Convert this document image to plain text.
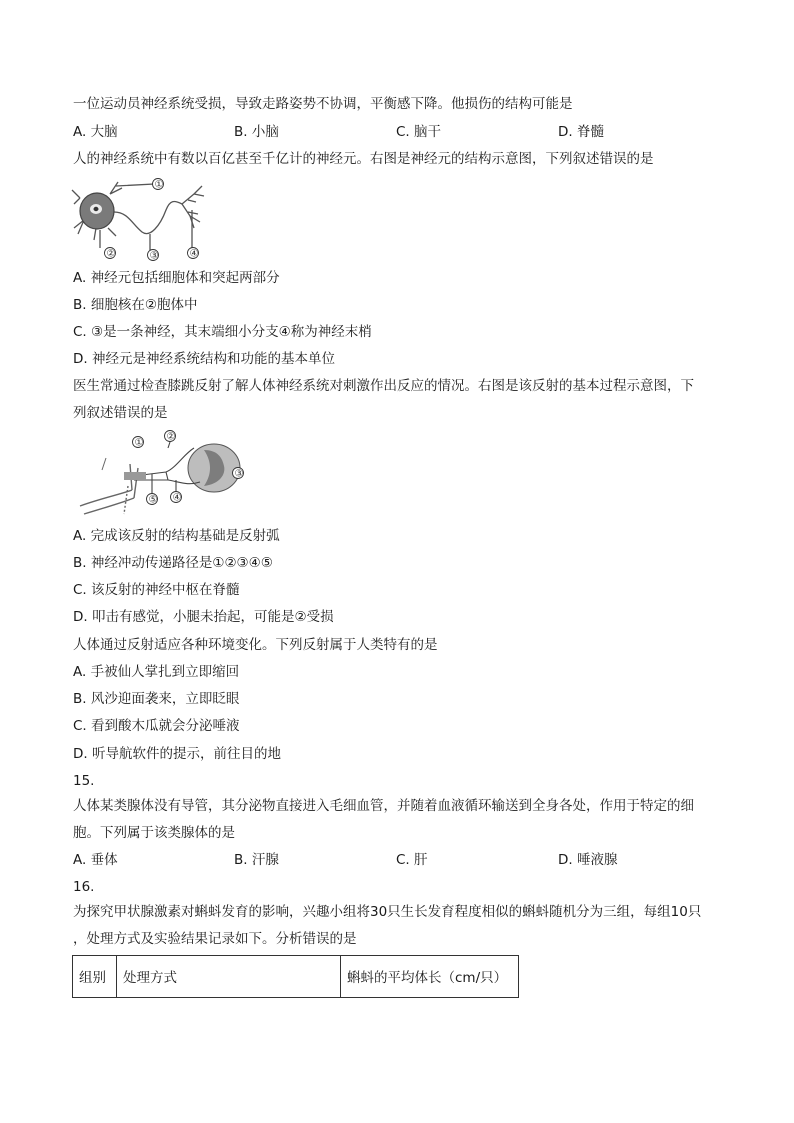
一位运动员神经系统受损，导致走路姿势不协调，平衡感下降。他损伤的结构可能是
A. 大脑	B. 小脑	C. 脑干	D. 脊髓
人的神经系统中有数以百亿甚至千亿计的神经元。右图是神经元的结构示意图，下列叙述错误的是
①
②	③	④
A. 神经元包括细胞体和突起两部分
B. 细胞核在②胞体中
C. ③是一条神经，其末端细小分支④称为神经末梢
D. 神经元是神经系统结构和功能的基本单位
医生常通过检查膝跳反射了解人体神经系统对刺激作出反应的情况。右图是该反射的基本过程示意图，下
列叙述错误的是
①
②
③
④
⑤
A. 完成该反射的结构基础是反射弧
B. 神经冲动传递路径是①②③④⑤
C. 该反射的神经中枢在脊髓
D. 叩击有感觉，小腿未抬起，可能是②受损
人体通过反射适应各种环境变化。下列反射属于人类特有的是
A. 手被仙人掌扎到立即缩回
B. 风沙迎面袭来，立即眨眼
C. 看到酸木瓜就会分泌唾液
D. 听导航软件的提示，前往目的地
15.
人体某类腺体没有导管，其分泌物直接进入毛细血管，并随着血液循环输送到全身各处，作用于特定的细
胞。下列属于该类腺体的是
A. 垂体	B. 汗腺	C. 肝	D. 唾液腺
16.
为探究甲状腺激素对蝌蚪发育的影响，兴趣小组将30只生长发育程度相似的蝌蚪随机分为三组，每组10只
，处理方式及实验结果记录如下。分析错误的是
组别	处理方式	蝌蚪的平均体长（cm/只）
